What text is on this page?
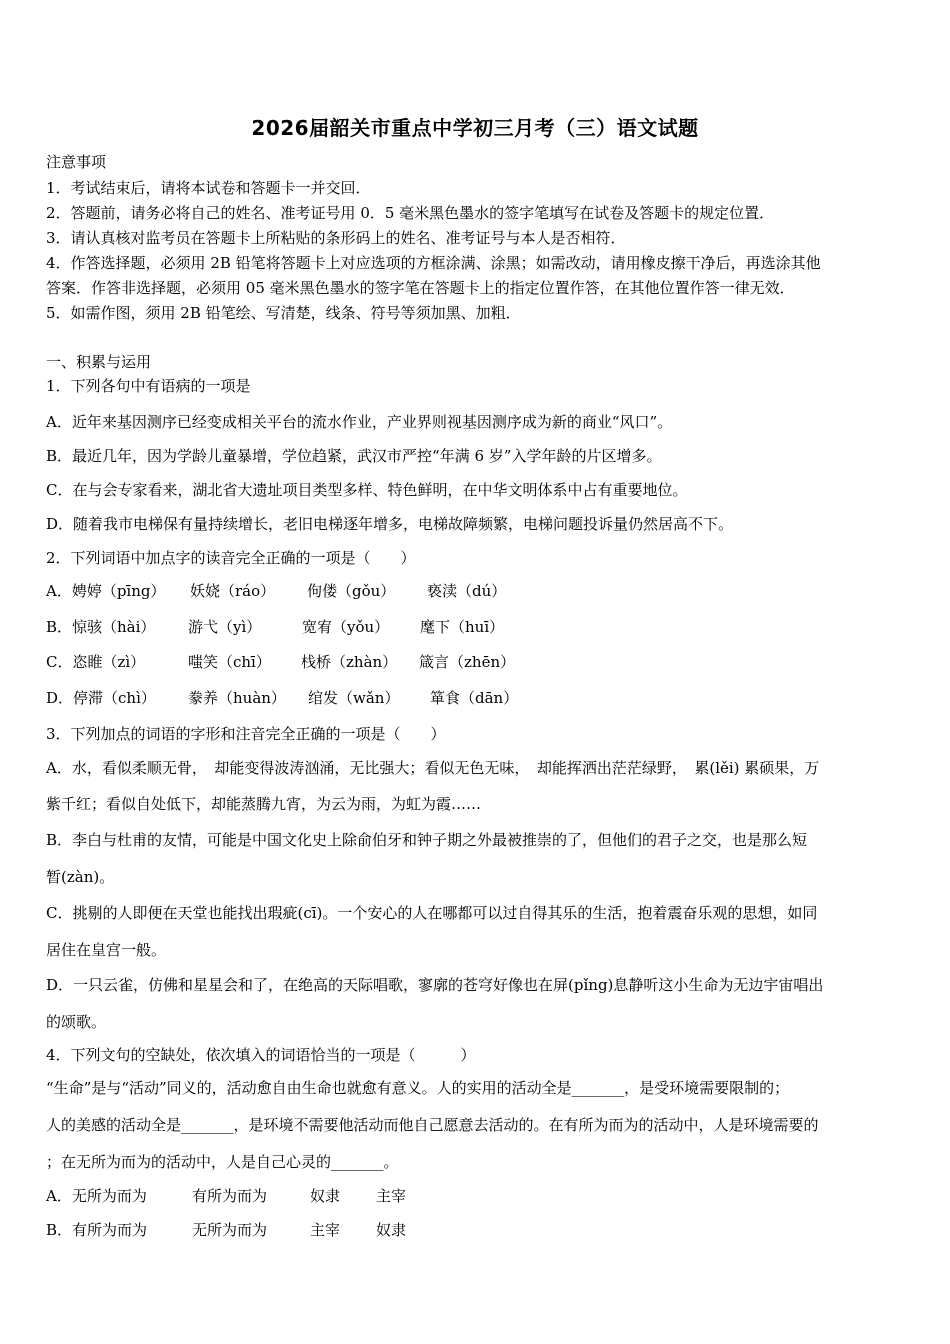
2026届韶关市重点中学初三月考（三）语文试题
注意事项
1．考试结束后，请将本试卷和答题卡一并交回．
2．答题前，请务必将自己的姓名、准考证号用 0．5 毫米黑色墨水的签字笔填写在试卷及答题卡的规定位置．
3．请认真核对监考员在答题卡上所粘贴的条形码上的姓名、准考证号与本人是否相符．
4．作答选择题，必须用 2B 铅笔将答题卡上对应选项的方框涂满、涂黑；如需改动，请用橡皮擦干净后，再选涂其他
答案．作答非选择题，必须用 05 毫米黑色墨水的签字笔在答题卡上的指定位置作答，在其他位置作答一律无效．
5．如需作图，须用 2B 铅笔绘、写清楚，线条、符号等须加黑、加粗．
一、积累与运用
1．下列各句中有语病的一项是
A．近年来基因测序已经变成相关平台的流水作业，产业界则视基因测序成为新的商业“风口”。
B．最近几年，因为学龄儿童暴增，学位趋紧，武汉市严控“年满 6 岁”入学年龄的片区增多。
C．在与会专家看来，湖北省大遗址项目类型多样、特色鲜明，在中华文明体系中占有重要地位。
D．随着我市电梯保有量持续增长，老旧电梯逐年增多，电梯故障频繁，电梯问题投诉量仍然居高不下。
2．下列词语中加点字的读音完全正确的一项是（　　）
A．娉婷（pīng） 妖娆（ráo） 佝偻（gǒu） 亵渎（dú）
B．惊骇（hài） 游弋（yì）	宽宥（yǒu） 麾下（huī）
C．恣睢（zì）	嗤笑（chī） 栈桥（zhàn） 箴言（zhēn）
D．停滞（chì） 豢养（huàn） 绾发（wǎn） 箪食（dān）
3．下列加点的词语的字形和注音完全正确的一项是（　　）
A．水，看似柔顺无骨，　却能变得波涛汹涌，无比强大；看似无色无味，　却能挥洒出茫茫绿野，　累(lěi) 累硕果，万
紫千红；看似自处低下，却能蒸腾九宵，为云为雨，为虹为霞……
B．李白与杜甫的友情，可能是中国文化史上除俞伯牙和钟子期之外最被推崇的了，但他们的君子之交，也是那么短
暂(zàn)。
C．挑剔的人即便在天堂也能找出瑕疵(cī)。一个安心的人在哪都可以过自得其乐的生活，抱着震奋乐观的思想，如同
居住在皇宫一般。
D．一只云雀，仿佛和星星会和了，在绝高的天际唱歌，寥廓的苍穹好像也在屏(pǐng)息静听这小生命为无边宇宙唱出
的颂歌。
4．下列文句的空缺处，依次填入的词语恰当的一项是（　　　）
“生命”是与“活动”同义的，活动愈自由生命也就愈有意义。人的实用的活动全是_______，是受环境需要限制的；
人的美感的活动全是_______，是环境不需要他活动而他自己愿意去活动的。在有所为而为的活动中，人是环境需要的
；在无所为而为的活动中，人是自己心灵的_______。
A．无所为而为	有所为而为	奴隶 主宰
B．有所为而为	无所为而为	主宰 奴隶
